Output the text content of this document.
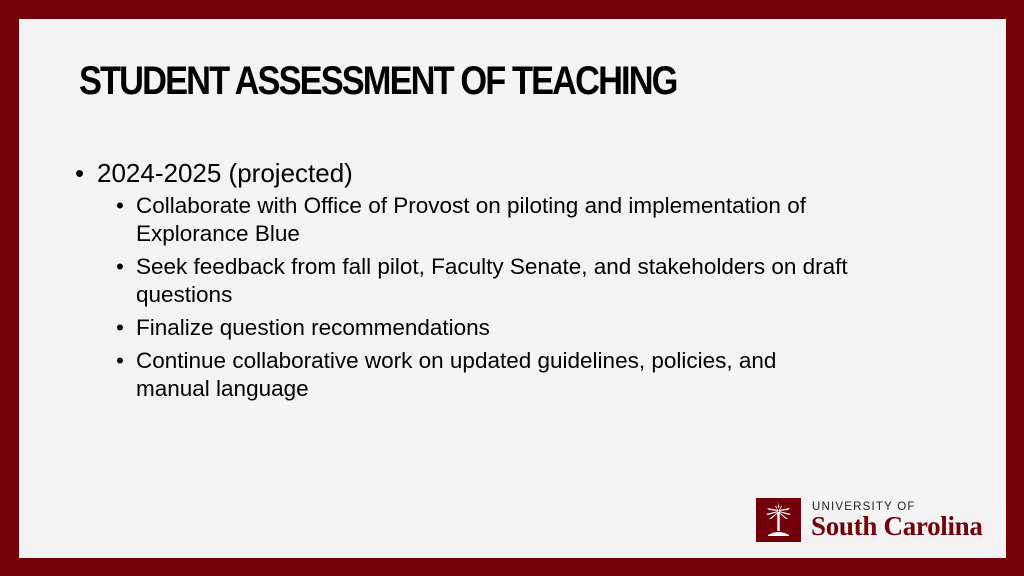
STUDENT ASSESSMENT OF TEACHING
• 2024-2025 (projected)
• Collaborate with Office of Provost on piloting and implementation of
Explorance Blue
• Seek feedback from fall pilot, Faculty Senate, and stakeholders on draft
questions
• Finalize question recommendations
• Continue collaborative work on updated guidelines, policies, and
manual language
UNIVERSITY OF
South Carolina
